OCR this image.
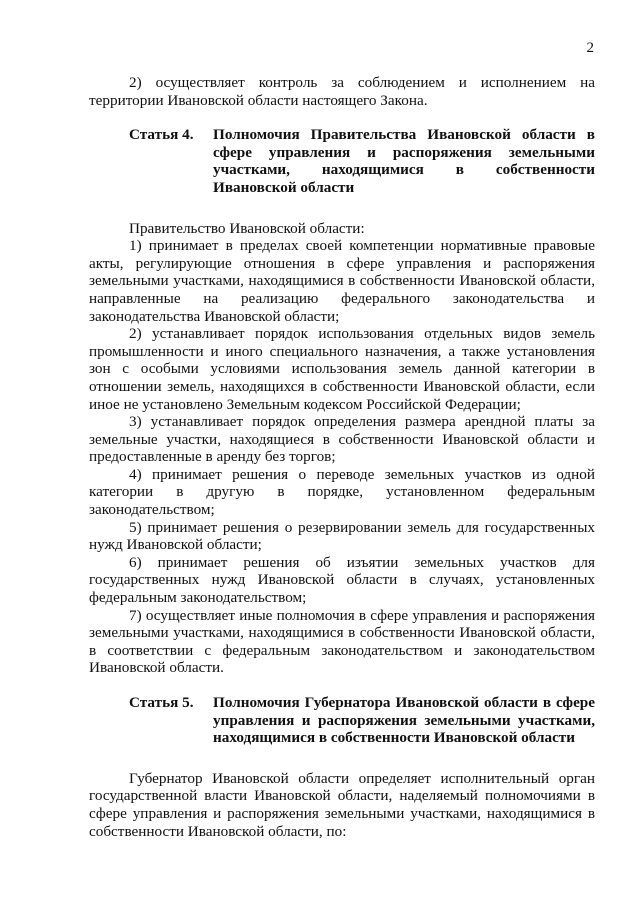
2

2) осуществляет контроль за соблюдением и исполнением на территории Ивановской области настоящего Закона.

Статья 4.	Полномочия Правительства Ивановской области в сфере управления и распоряжения земельными участками, находящимися в собственности Ивановской области

Правительство Ивановской области:

1) принимает в пределах своей компетенции нормативные правовые акты, регулирующие отношения в сфере управления и распоряжения земельными участками, находящимися в собственности Ивановской области, направленные на реализацию федерального законодательства и законодательства Ивановской области;

2) устанавливает порядок использования отдельных видов земель промышленности и иного специального назначения, а также установления зон с особыми условиями использования земель данной категории в отношении земель, находящихся в собственности Ивановской области, если иное не установлено Земельным кодексом Российской Федерации;

3) устанавливает порядок определения размера арендной платы за земельные участки, находящиеся в собственности Ивановской области и предоставленные в аренду без торгов;

4) принимает решения о переводе земельных участков из одной категории в другую в порядке, установленном федеральным законодательством;

5) принимает решения о резервировании земель для государственных нужд Ивановской области;

6) принимает решения об изъятии земельных участков для государственных нужд Ивановской области в случаях, установленных федеральным законодательством;

7) осуществляет иные полномочия в сфере управления и распоряжения земельными участками, находящимися в собственности Ивановской области, в соответствии с федеральным законодательством и законодательством Ивановской области.

Статья 5.	Полномочия Губернатора Ивановской области в сфере управления и распоряжения земельными участками, находящимися в собственности Ивановской области

Губернатор Ивановской области определяет исполнительный орган государственной власти Ивановской области, наделяемый полномочиями в сфере управления и распоряжения земельными участками, находящимися в собственности Ивановской области, по:
